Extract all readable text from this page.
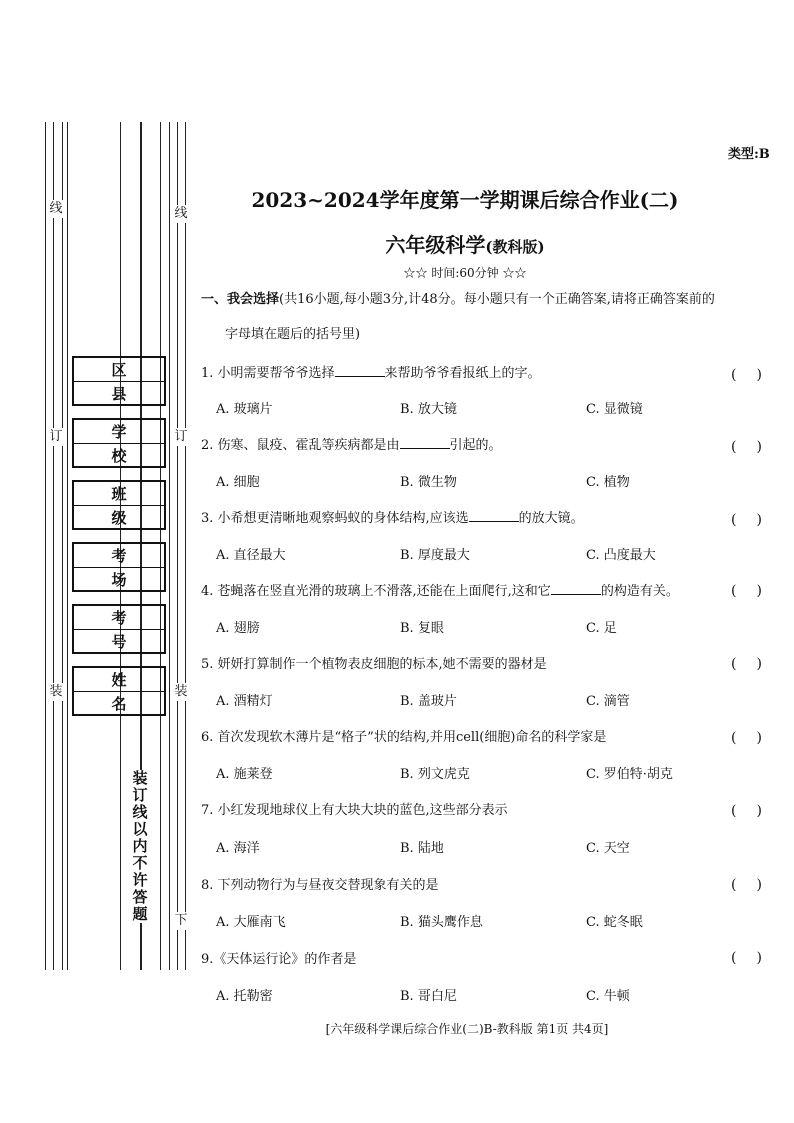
线	线
订	订
装	装
下
装订线以内不许答题
区县
学校
班级
考场
考号
姓名
类型:B
2023~2024学年度第一学期课后综合作业(二)
六年级科学(教科版)
☆☆ 时间:60分钟 ☆☆
一、我会选择(共16小题,每小题3分,计48分。每小题只有一个正确答案,请将正确答案前的
字母填在题后的括号里)
1. 小明需要帮爷爷选择	来帮助爷爷看报纸上的字。	()
A. 玻璃片	B. 放大镜	C. 显微镜
2. 伤寒、鼠疫、霍乱等疾病都是由	引起的。	()
A. 细胞	B. 微生物	C. 植物
3. 小希想更清晰地观察蚂蚁的身体结构,应该选	的放大镜。	()
A. 直径最大	B. 厚度最大	C. 凸度最大
4. 苍蝇落在竖直光滑的玻璃上不滑落,还能在上面爬行,这和它	的构造有关。	()
A. 翅膀	B. 复眼	C. 足
5. 妍妍打算制作一个植物表皮细胞的标本,她不需要的器材是	()
A. 酒精灯	B. 盖玻片	C. 滴管
6. 首次发现软木薄片是“格子”状的结构,并用cell(细胞)命名的科学家是	()
A. 施莱登	B. 列文虎克	C. 罗伯特·胡克
7. 小红发现地球仪上有大块大块的蓝色,这些部分表示	()
A. 海洋	B. 陆地	C. 天空
8. 下列动物行为与昼夜交替现象有关的是	()
A. 大雁南飞	B. 猫头鹰作息	C. 蛇冬眠
9.《天体运行论》的作者是	()
A. 托勒密	B. 哥白尼	C. 牛顿
[六年级科学课后综合作业(二)B-教科版 第1页 共4页]
